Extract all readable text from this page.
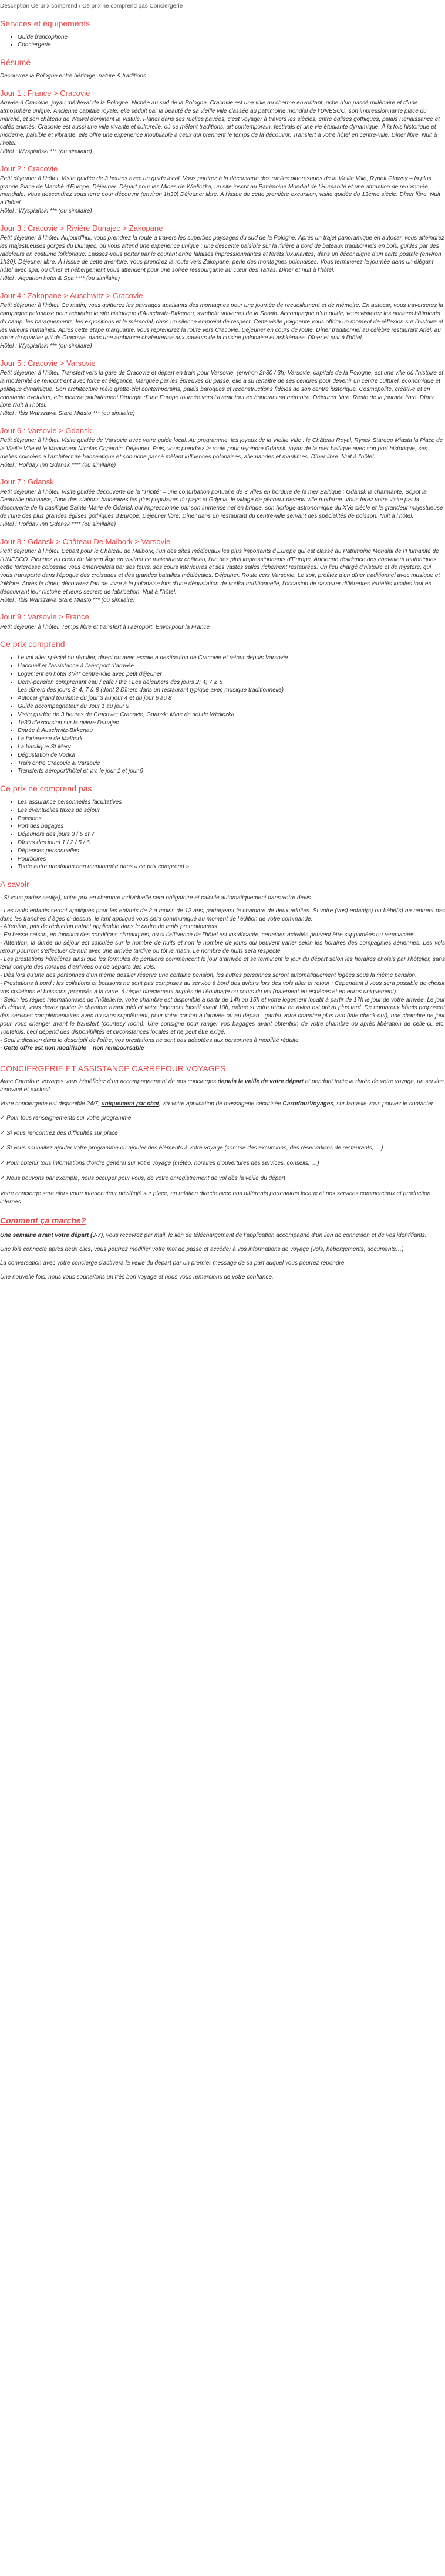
Description Ce prix comprend / Ce prix ne comprend pas Conciergerie

Services et équipements
• Guide francophone
• Conciergerie
Résumé

Découvrez la Pologne entre héritage, nature & traditions

Jour 1 : France > Cracovie

Arrivée à Cracovie, joyau médiéval de la Pologne. Nichée au sud de la Pologne, Cracovie est une ville au charme envoûtant, riche d’un passé millénaire et d’une atmosphère unique. Ancienne capitale royale, elle séduit par la beauté de sa vieille ville classée au patrimoine mondial de l’UNESCO, son impressionnante place du marché, et son château de Wawel dominant la Vistule. Flâner dans ses ruelles pavées, c’est voyager à travers les siècles, entre églises gothiques, palais Renaissance et cafés animés. Cracovie est aussi une ville vivante et culturelle, où se mêlent traditions, art contemporain, festivals et une vie étudiante dynamique. À la fois historique et moderne, paisible et vibrante, elle offre une expérience inoubliable à ceux qui prennent le temps de la découvrir. Transfert à votre hôtel en centre-ville. Dîner libre. Nuit à l’hôtel.

Hôtel : Wyspiański *** (ou similaire)

Jour 2 : Cracovie

Petit déjeuner à l’hôtel. Visite guidée de 3 heures avec un guide local. Vous partirez à la découverte des ruelles pittoresques de la Vieille Ville, Rynek Glowny – la plus grande Place de Marché d’Europe. Déjeuner. Départ pour les Mines de Wieliczka, un site inscrit au Patrimoine Mondial de l’Humanité et une attraction de renommée mondiale. Vous descendrez sous terre pour découvrir (environ 1h30) Déjeuner libre. À l’issue de cette première excursion, visite guidée du 13ème siècle. Dîner libre. Nuit à l’hôtel.

Hôtel : Wyspiański *** (ou similaire)

Jour 3 : Cracovie > Rivière Dunajec > Zakopane

Petit déjeuner à l’hôtel. Aujourd’hui, vous prendrez la route à travers les superbes paysages du sud de la Pologne. Après un trajet panoramique en autocar, vous atteindrez les majestueuses gorges du Dunajec, où vous attend une expérience unique : une descente paisible sur la rivière à bord de bateaux traditionnels en bois, guidés par des radeleurs en costume folklorique. Laissez-vous porter par le courant entre falaises impressionnantes et forêts luxuriantes, dans un décor digne d’un carte postale (environ 1h30). Déjeuner libre. À l’issue de cette aventure, vous prendrez la route vers Zakopane, perle des montagnes polonaises. Vous terminerez la journée dans un élégant hôtel avec spa, où dîner et hébergement vous attendent pour une soirée ressourçante au cœur des Tatras. Dîner et nuit à l’hôtel.

Hôtel : Aquarion hotel & Spa **** (ou similaire)

Jour 4 : Zakopane > Auschwitz > Cracovie

Petit déjeuner à l’hôtel. Ce matin, vous quitterez les paysages apaisants des montagnes pour une journée de recueillement et de mémoire. En autocar, vous traverserez la campagne polonaise pour rejoindre le site historique d’Auschwitz-Birkenau, symbole universel de la Shoah. Accompagné d’un guide, vous visiterez les anciens bâtiments du camp, les baraquements, les expositions et le mémorial, dans un silence empreint de respect. Cette visite poignante vous offrira un moment de réflexion sur l’histoire et les valeurs humaines. Après cette étape marquante, vous reprendrez la route vers Cracovie. Déjeuner en cours de route. Dîner traditionnel au célèbre restaurant Ariel, au cœur du quartier juif de Cracovie, dans une ambiance chaleureuse aux saveurs de la cuisine polonaise et ashkénaze. Dîner et nuit à l’hôtel.

Hôtel : Wyspiański *** (ou similaire)

Jour 5 : Cracovie > Varsovie

Petit déjeuner à l’hôtel. Transfert vers la gare de Cracovie et départ en train pour Varsovie, (environ 2h30 / 3h) Varsovie, capitale de la Pologne, est une ville où l’histoire et la modernité se rencontrent avec force et élégance. Marquée par les épreuves du passé, elle a su renaître de ses cendres pour devenir un centre culturel, économique et politique dynamique. Son architecture mêle gratte-ciel contemporains, palais baroques et reconstructions fidèles de son centre historique. Cosmopolite, créative et en constante évolution, elle incarne parfaitement l’énergie d’une Europe tournée vers l’avenir tout en honorant sa mémoire. Déjeuner libre. Reste de la journée libre. Dîner libre Nuit à l’hôtel.

Hôtel : Ibis Warszawa Stare Miasto *** (ou similaire)

Jour 6 : Varsovie > Gdansk

Petit déjeuner à l’hôtel. Visite guidée de Varsovie avec votre guide local. Au programme, les joyaux de la Vieille Ville : le Château Royal, Rynek Starego Miasta la Place de la Vieille Ville et le Monument Nicolas Copernic. Déjeuner. Puis, vous prendrez la route pour rejoindre Gdansk, joyau de la mer baltique avec son port historique, ses ruelles colorées à l’architecture hanséatique et son riche passé mêlant influences polonaises, allemandes et maritimes. Dîner libre. Nuit à l’hôtel.

Hôtel : Holiday Inn Gdansk **** (ou similaire)

Jour 7 : Gdansk

Petit déjeuner à l’hôtel. Visite guidée découverte de la “Tricité” – une conurbation portuaire de 3 villes en bordure de la mer Baltique : Gdansk la charmante, Sopot la Deauville polonaise, l’une des stations balnéaires les plus populaires du pays et Gdynia, le village de pêcheur devenu ville moderne. Vous ferez votre visite par la découverte de la basilique Sainte-Marie de Gdańsk qui impressionne par son immense nef en brique, son horloge astronomique du XVe siècle et la grandeur majestueuse de l’une des plus grandes églises gothiques d’Europe. Déjeuner libre. Dîner dans un restaurant du centre-ville servant des spécialités de poisson. Nuit à l’hôtel.

Hôtel : Holiday Inn Gdansk **** (ou similaire)

Jour 8 : Gdansk > Château De Malbork > Varsovie

Petit déjeuner à l’hôtel. Départ pour le Château de Malbork, l’un des sites médiévaux les plus importants d’Europe qui est classé au Patrimoine Mondial de l’Humanité de l’UNESCO. Plongez au cœur du Moyen Âge en visitant ce majestueux château, l’un des plus impressionnants d’Europe. Ancienne résidence des chevaliers teutoniques, cette forteresse colossale vous émerveillera par ses tours, ses cours intérieures et ses vastes salles richement restaurées. Un lieu chargé d’histoire et de mystère, qui vous transporte dans l’époque des croisades et des grandes batailles médiévales. Déjeuner. Route vers Varsovie. Le soir, profitez d’un dîner traditionnel avec musique et folklore. Après le dîner, découvrez l’art de vivre à la polonaise lors d’une dégustation de vodka traditionnelle, l’occasion de savourer différentes variétés locales tout en découvrant leur histoire et leurs secrets de fabrication. Nuit à l’hôtel.

Hôtel : Ibis Warszawa Stare Miasto *** (ou similaire)

Jour 9 : Varsovie > France

Petit déjeuner à l’hôtel. Temps libre et transfert à l’aéroport. Envol pour la France

Ce prix comprend
• Le vol aller spécial ou régulier, direct ou avec escale à destination de Cracovie et retour depuis Varsovie
• L’accueil et l’assistance à l’aéroport d’arrivée
• Logement en hôtel 3*/4* centre-ville avec petit déjeuner
• Demi-pension comprenant eau / café / thé : Les déjeuners des jours 2; 4; 7 & 8
Les dîners des jours 3; 4; 7 & 8 (dont 2 Dîners dans un restaurant typique avec musique traditionnelle)
• Autocar grand tourisme du jour 3 au jour 4 et du jour 6 au 8
• Guide accompagnateur du Jour 1 au jour 9
• Visite guidée de 3 heures de Cracovie; Cracovie; Gdansk; Mine de sel de Wieliczka
• 1h30 d’excursion sur la rivière Dunajec
• Entrée à Auschwitz-Birkenau
• La forteresse de Malbork
• La basilique St Mary
• Dégustation de Vodka
• Train entre Cracovie & Varsovie
• Transferts aéroport/hôtel et v.v. le jour 1 et jour 9
Ce prix ne comprend pas
• Les assurance personnelles facultatives
• Les éventuelles taxes de séjour
• Boissons
• Port des bagages
• Déjeuners des jours 3 / 5 et 7
• Dîners des jours 1 / 2 / 5 / 6
• Dépenses personnelles
• Pourboires
• Toute autre prestation non mentionnée dans « ce prix comprend »
A savoir

- Si vous partez seul(e), votre prix en chambre individuelle sera obligatoire et calculé automatiquement dans votre devis.

- Les tarifs enfants seront appliqués pour les enfants de 2 à moins de 12 ans, partageant la chambre de deux adultes. Si votre (vos) enfant(s) ou bébé(s) ne rentrent pas dans les tranches d’âges ci-dessus, le tarif appliqué vous sera communiqué au moment de l’édition de votre commande.

- Attention, pas de réduction enfant applicable dans le cadre de tarifs promotionnels.

- En basse saison, en fonction des conditions climatiques, ou si l’affluence de l’hôtel est insuffisante, certaines activités peuvent être supprimées ou remplacées.

- Attention, la durée du séjour est calculée sur le nombre de nuits et non le nombre de jours qui peuvent varier selon les horaires des compagnies aériennes. Les vols retour pourront s’effectuer de nuit avec une arrivée tardive ou tôt le matin. Le nombre de nuits sera respecté.

- Les prestations hôtelières ainsi que les formules de pensions commencent le jour d’arrivée et se terminent le jour du départ selon les horaires choisis par l’hôtelier, sans tenir compte des horaires d’arrivées ou de départs des vols.

- Dès lors qu’une des personnes d’un même dossier réserve une certaine pension, les autres personnes seront automatiquement logées sous la même pension.

- Prestations à bord : les collations et boissons ne sont pas comprises au service à bord des avions lors des vols aller et retour ; Cependant il vous sera possible de choisir vos collations et boissons proposés à la carte, à régler directement auprès de l’équipage ou cours du vol (paiement en espèces et en euros uniquement).

- Selon les règles internationales de l’hôtellerie, votre chambre est disponible à partir de 14h ou 15h et votre logement locatif à partir de 17h le jour de votre arrivée. Le jour du départ, vous devez quitter la chambre avant midi et votre logement locatif avant 10h, même si votre retour en avion est prévu plus tard. De nombreux hôtels proposent des services complémentaires avec ou sans supplément, pour votre confort à l’arrivée ou au départ : garder votre chambre plus tard (late check-out), une chambre de jour pour vous changer avant le transfert (courtesy room). Une consigne pour ranger vos bagages avant obtention de votre chambre ou après libération de celle-ci, etc. Toutefois, ceci dépend des disponibilités et circonstances locales et ne peut être exigé.

- Seul indication dans le descriptif de l’offre, vos prestations ne sont pas adaptées aux personnes à mobilité réduite.

- Cette offre est non modifiable – non remboursable

CONCIERGERIE ET ASSISTANCE CARREFOUR VOYAGES

Avec Carrefour Voyages vous bénéficiez d’un accompagnement de nos concierges depuis la veille de votre départ et pendant toute la durée de votre voyage, un service innovant et exclusif.

Votre conciergerie est disponible 24/7, uniquement par chat, via votre application de messagerie sécurisée CarrefourVoyages, sur laquelle vous pouvez le contacter :

✓ Pour tous renseignements sur votre programme

✓ Si vous rencontrez des difficultés sur place

✓ Si vous souhaitez ajouter votre programme ou ajouter des éléments à votre voyage (comme des excursions, des réservations de restaurants, …)

✓ Pour obtenir tous informations d’ordre général sur votre voyage (météo, horaires d’ouvertures des services, conseils, …)

✓ Nous pouvons par exemple, nous occuper pour vous, de votre enregistrement de vol dès la veille du départ

Votre concierge sera alors votre interlocuteur privilégié sur place, en relation directe avec nos différents partenaires locaux et nos services commerciaux et production internes.

Comment ça marche?

Une semaine avant votre départ (J-7), vous recevrez par mail, le lien de téléchargement de l’application accompagné d’un lien de connexion et de vos identifiants.

Une fois connecté après deux clics, vous pourrez modifier votre mot de passe et accéder à vos informations de voyage (vols, hébergements, documents…).

La conversation avec votre concierge s’activera la veille du départ par un premier message de sa part auquel vous pourrez répondre.

Une nouvelle fois, nous vous souhaitons un très bon voyage et nous vous remercions de votre confiance.
